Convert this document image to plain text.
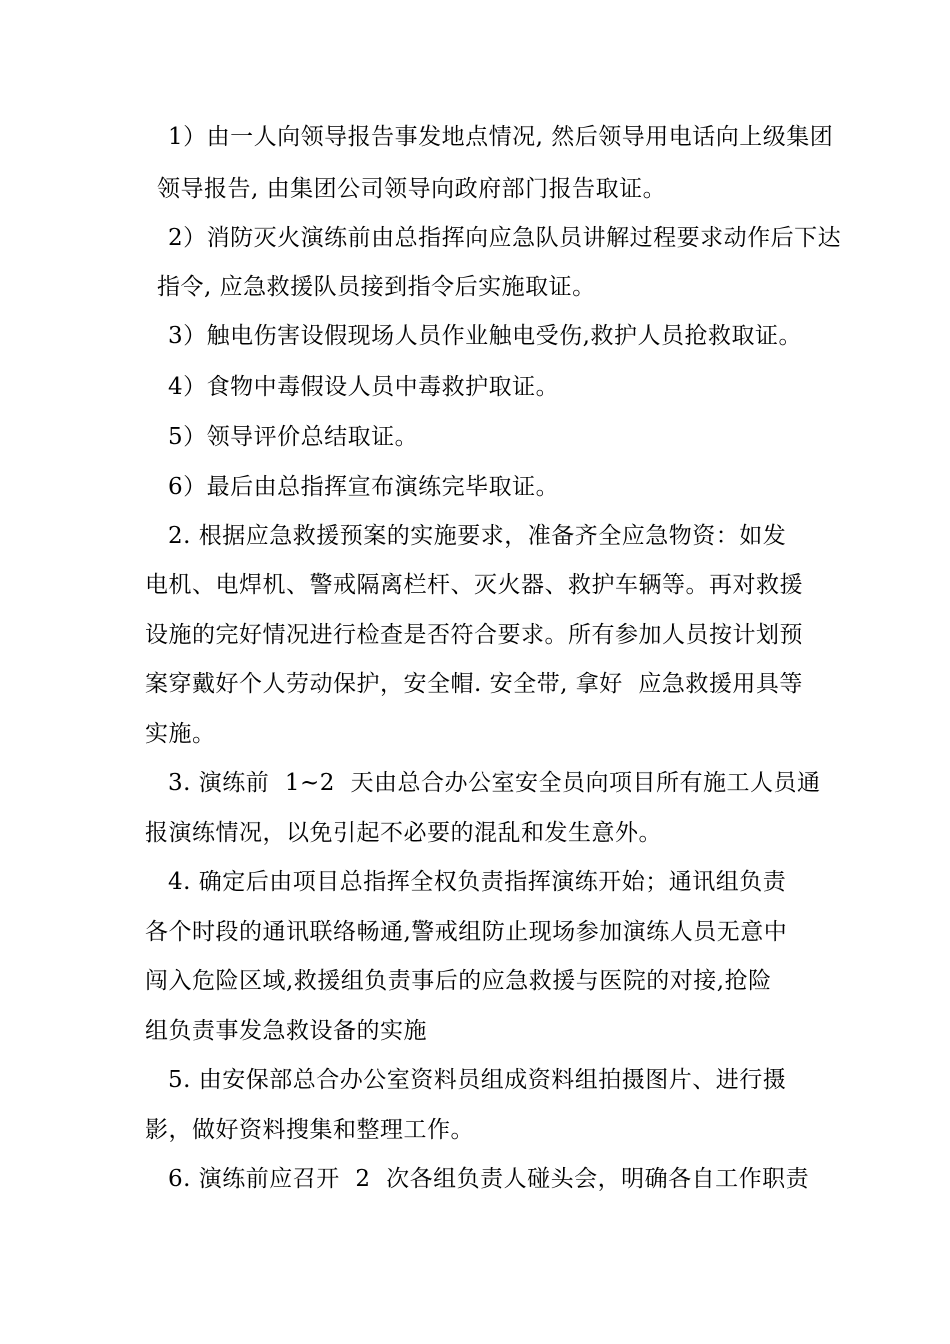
1）由一人向领导报告事发地点情况, 然后领导用电话向上级集团
领导报告, 由集团公司领导向政府部门报告取证。
2）消防灭火演练前由总指挥向应急队员讲解过程要求动作后下达
指令, 应急救援队员接到指令后实施取证。
3）触电伤害设假现场人员作业触电受伤,救护人员抢救取证。
4）食物中毒假设人员中毒救护取证。
5）领导评价总结取证。
6）最后由总指挥宣布演练完毕取证。
2. 根据应急救援预案的实施要求，准备齐全应急物资：如发
电机、电焊机、警戒隔离栏杆、灭火器、救护车辆等。再对救援
设施的完好情况进行检查是否符合要求。所有参加人员按计划预
案穿戴好个人劳动保护，安全帽. 安全带, 拿好  应急救援用具等
实施。
3. 演练前  1~2  天由总合办公室安全员向项目所有施工人员通
报演练情况，以免引起不必要的混乱和发生意外。
4. 确定后由项目总指挥全权负责指挥演练开始；通讯组负责
各个时段的通讯联络畅通,警戒组防止现场参加演练人员无意中
闯入危险区域,救援组负责事后的应急救援与医院的对接,抢险
组负责事发急救设备的实施
5. 由安保部总合办公室资料员组成资料组拍摄图片、进行摄
影，做好资料搜集和整理工作。
6. 演练前应召开  2  次各组负责人碰头会，明确各自工作职责
